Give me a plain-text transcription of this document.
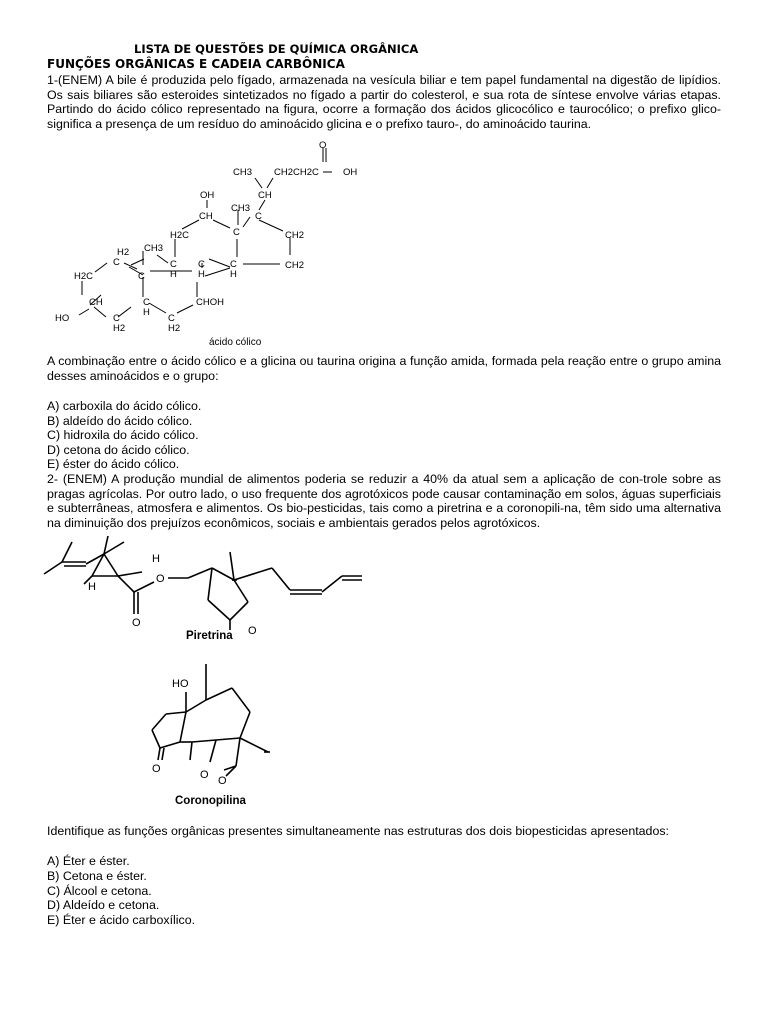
LISTA DE QUESTÕES DE QUÍMICA ORGÂNICA
FUNÇÕES ORGÂNICAS E CADEIA CARBÔNICA
1-(ENEM) A bile é produzida pelo fígado, armazenada na vesícula biliar e tem papel fundamental na digestão de lipídios. Os sais biliares são esteroides sintetizados no fígado a partir do colesterol, e sua rota de síntese envolve várias etapas. Partindo do ácido cólico representado na figura, ocorre a formação dos ácidos glicocólico e taurocólico; o prefixo glico- significa a presença de um resíduo do aminoácido glicina e o prefixo tauro-, do aminoácido taurina.
O
CH3 CH2CH2C	OH
OH	CH
CH
CH3
C
C	CH2
H2C
CH3
H2
C	C C	C	CH2
H H	H
H2C	C
CH	C	CHOH
H
HO	C	C
H2	H2
ácido cólico
A combinação entre o ácido cólico e a glicina ou taurina origina a função amida, formada pela reação entre o grupo amina desses aminoácidos e o grupo:
A) carboxila do ácido cólico.
B) aldeído do ácido cólico.
C) hidroxila do ácido cólico.
D) cetona do ácido cólico.
E) éster do ácido cólico.
2- (ENEM) A produção mundial de alimentos poderia se reduzir a 40% da atual sem a aplicação de con-trole sobre as pragas agrícolas. Por outro lado, o uso frequente dos agrotóxicos pode causar contaminação em solos, águas superficiais e subterrâneas, atmosfera e alimentos. Os bio-pesticidas, tais como a piretrina e a coronopili-na, têm sido uma alternativa na diminuição dos prejuízos econômicos, sociais e ambientais gerados pelos agrotóxicos.
H
H
O
O
O
Piretrina
HO
O	O O
Coronopilina
Identifique as funções orgânicas presentes simultaneamente nas estruturas dos dois biopesticidas apresentados:
A) Éter e éster.
B) Cetona e éster.
C) Álcool e cetona.
D) Aldeído e cetona.
E) Éter e ácido carboxílico.
